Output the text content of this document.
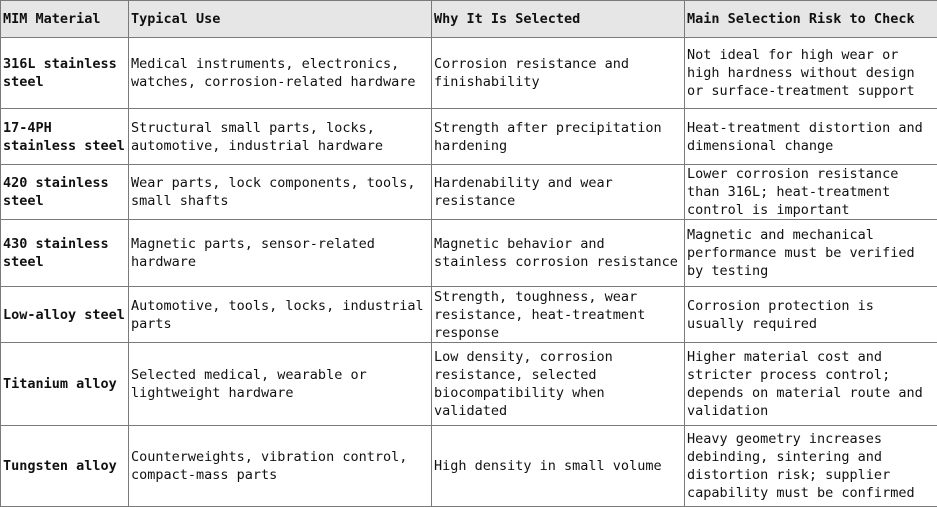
MIM Material	Typical Use	Why It Is Selected	Main Selection Risk to Check
316L stainless steel	Medical instruments, electronics, watches, corrosion-related hardware	Corrosion resistance and finishability	Not ideal for high wear or high hardness without design or surface-treatment support
17-4PH stainless steel	Structural small parts, locks, automotive, industrial hardware	Strength after precipitation hardening	Heat-treatment distortion and dimensional change
420 stainless steel	Wear parts, lock components, tools, small shafts	Hardenability and wear resistance	Lower corrosion resistance than 316L; heat-treatment control is important
430 stainless steel	Magnetic parts, sensor-related hardware	Magnetic behavior and stainless corrosion resistance	Magnetic and mechanical performance must be verified by testing
Low-alloy steel	Automotive, tools, locks, industrial parts	Strength, toughness, wear resistance, heat-treatment response	Corrosion protection is usually required
Titanium alloy	Selected medical, wearable or lightweight hardware	Low density, corrosion resistance, selected biocompatibility when validated	Higher material cost and stricter process control; depends on material route and validation
Tungsten alloy	Counterweights, vibration control, compact-mass parts	High density in small volume	Heavy geometry increases debinding, sintering and distortion risk; supplier capability must be confirmed
